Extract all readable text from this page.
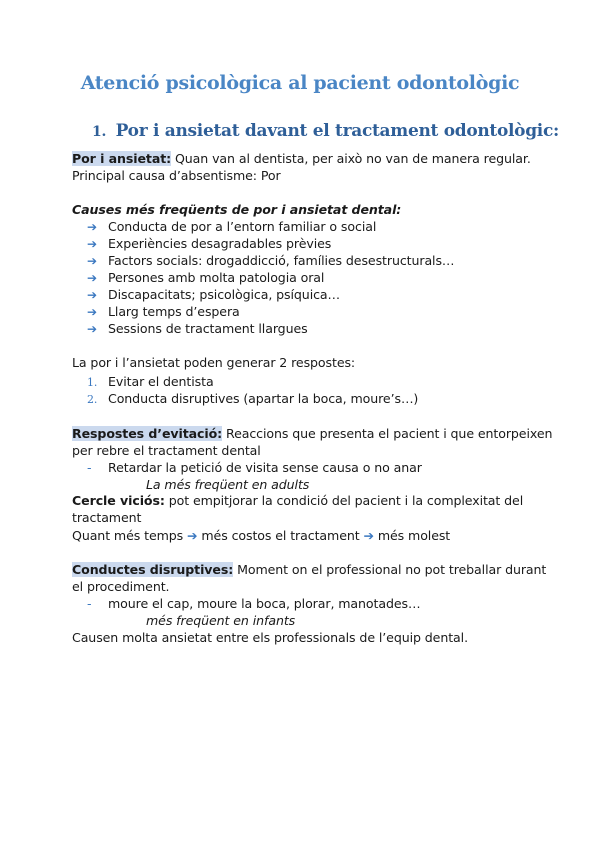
Atenció psicològica al pacient odontològic
1. Por i ansietat davant el tractament odontològic:
Por i ansietat: Quan van al dentista, per això no van de manera regular.
Principal causa d’absentisme: Por
Causes més freqüents de por i ansietat dental:
➔ Conducta de por a l’entorn familiar o social
➔ Experiències desagradables prèvies
➔ Factors socials: drogaddicció, famílies desestructurals…
➔ Persones amb molta patologia oral
➔ Discapacitats; psicològica, psíquica…
➔ Llarg temps d’espera
➔ Sessions de tractament llargues
La por i l’ansietat poden generar 2 respostes:
1. Evitar el dentista
2. Conducta disruptives (apartar la boca, moure’s…)
Respostes d’evitació: Reaccions que presenta el pacient i que entorpeixen
per rebre el tractament dental
- Retardar la petició de visita sense causa o no anar
La més freqüent en adults
Cercle viciós: pot empitjorar la condició del pacient i la complexitat del
tractament
Quant més temps ➔ més costos el tractament ➔ més molest
Conductes disruptives: Moment on el professional no pot treballar durant
el procediment.
- moure el cap, moure la boca, plorar, manotades…
més freqüent en infants
Causen molta ansietat entre els professionals de l’equip dental.
